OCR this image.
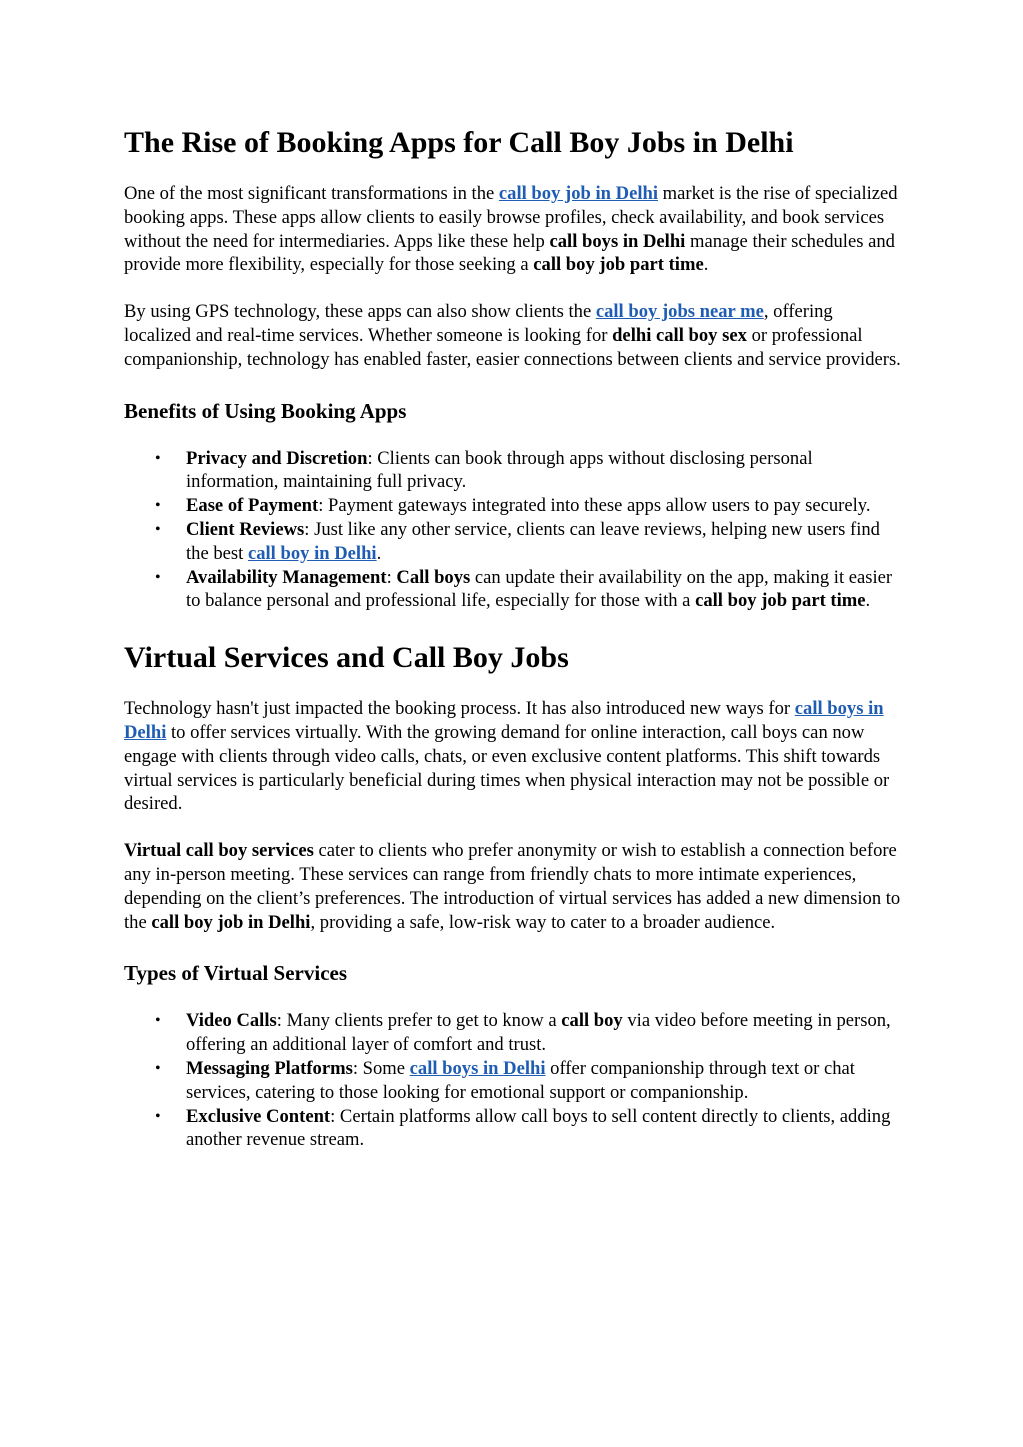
The Rise of Booking Apps for Call Boy Jobs in Delhi

One of the most significant transformations in the call boy job in Delhi market is the rise of specialized booking apps. These apps allow clients to easily browse profiles, check availability, and book services without the need for intermediaries. Apps like these help call boys in Delhi manage their schedules and provide more flexibility, especially for those seeking a call boy job part time.

By using GPS technology, these apps can also show clients the call boy jobs near me, offering localized and real-time services. Whether someone is looking for delhi call boy sex or professional companionship, technology has enabled faster, easier connections between clients and service providers.

Benefits of Using Booking Apps
• Privacy and Discretion: Clients can book through apps without disclosing personal information, maintaining full privacy.
• Ease of Payment: Payment gateways integrated into these apps allow users to pay securely.
• Client Reviews: Just like any other service, clients can leave reviews, helping new users find the best call boy in Delhi.
• Availability Management: Call boys can update their availability on the app, making it easier to balance personal and professional life, especially for those with a call boy job part time.
Virtual Services and Call Boy Jobs

Technology hasn't just impacted the booking process. It has also introduced new ways for call boys in Delhi to offer services virtually. With the growing demand for online interaction, call boys can now engage with clients through video calls, chats, or even exclusive content platforms. This shift towards virtual services is particularly beneficial during times when physical interaction may not be possible or desired.

Virtual call boy services cater to clients who prefer anonymity or wish to establish a connection before any in-person meeting. These services can range from friendly chats to more intimate experiences, depending on the client’s preferences. The introduction of virtual services has added a new dimension to the call boy job in Delhi, providing a safe, low-risk way to cater to a broader audience.

Types of Virtual Services
• Video Calls: Many clients prefer to get to know a call boy via video before meeting in person, offering an additional layer of comfort and trust.
• Messaging Platforms: Some call boys in Delhi offer companionship through text or chat services, catering to those looking for emotional support or companionship.
• Exclusive Content: Certain platforms allow call boys to sell content directly to clients, adding another revenue stream.
